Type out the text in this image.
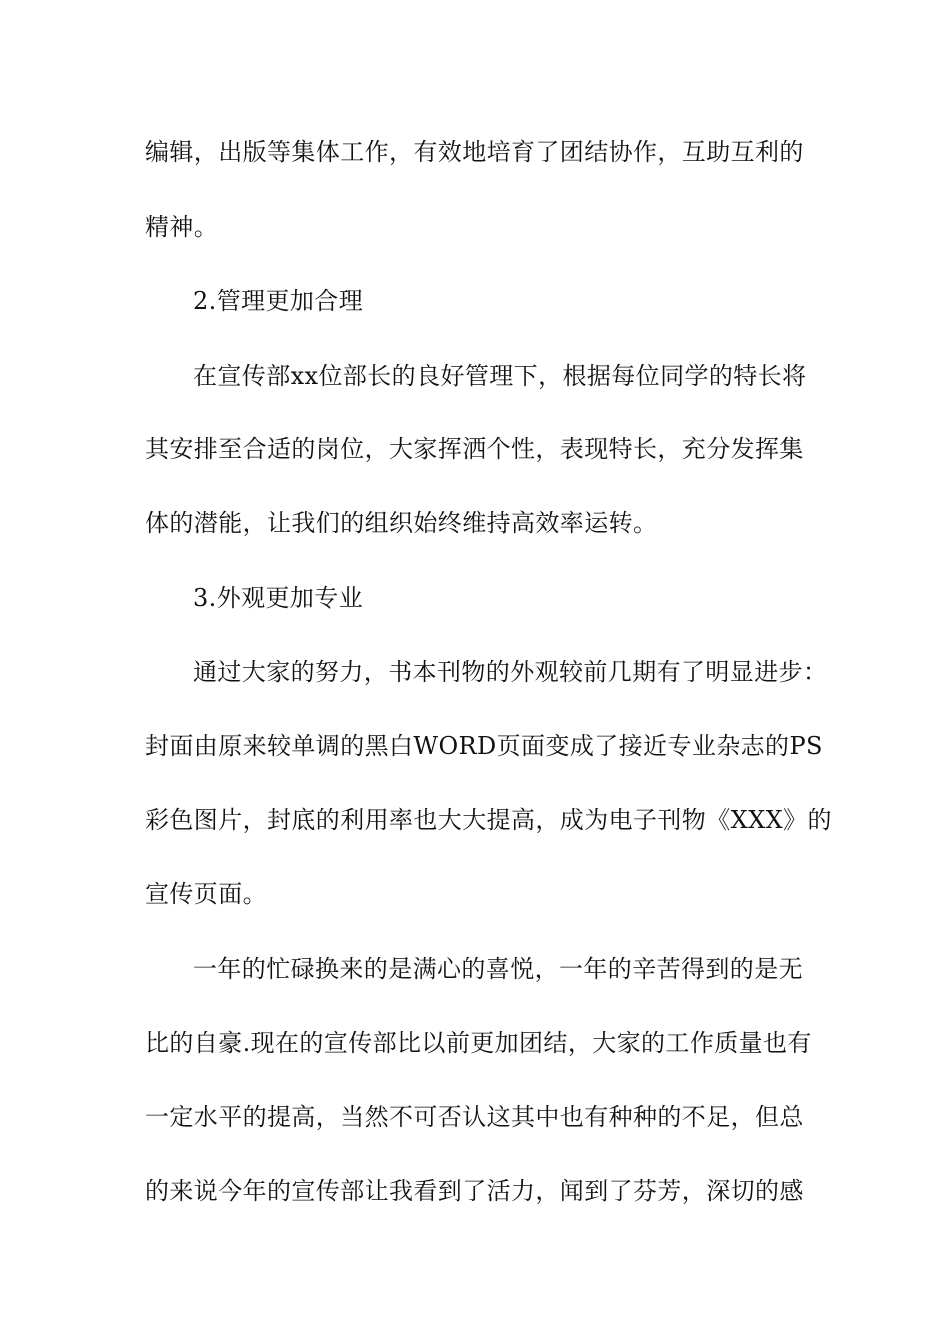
编辑，出版等集体工作，有效地培育了团结协作，互助互利的
精神。
2.管理更加合理
在宣传部xx位部长的良好管理下，根据每位同学的特长将
其安排至合适的岗位，大家挥洒个性，表现特长，充分发挥集
体的潜能，让我们的组织始终维持高效率运转。
3.外观更加专业
通过大家的努力，书本刊物的外观较前几期有了明显进步：
封面由原来较单调的黑白WORD页面变成了接近专业杂志的PS
彩色图片，封底的利用率也大大提高，成为电子刊物《XXX》的
宣传页面。
一年的忙碌换来的是满心的喜悦，一年的辛苦得到的是无
比的自豪.现在的宣传部比以前更加团结，大家的工作质量也有
一定水平的提高，当然不可否认这其中也有种种的不足，但总
的来说今年的宣传部让我看到了活力，闻到了芬芳，深切的感
